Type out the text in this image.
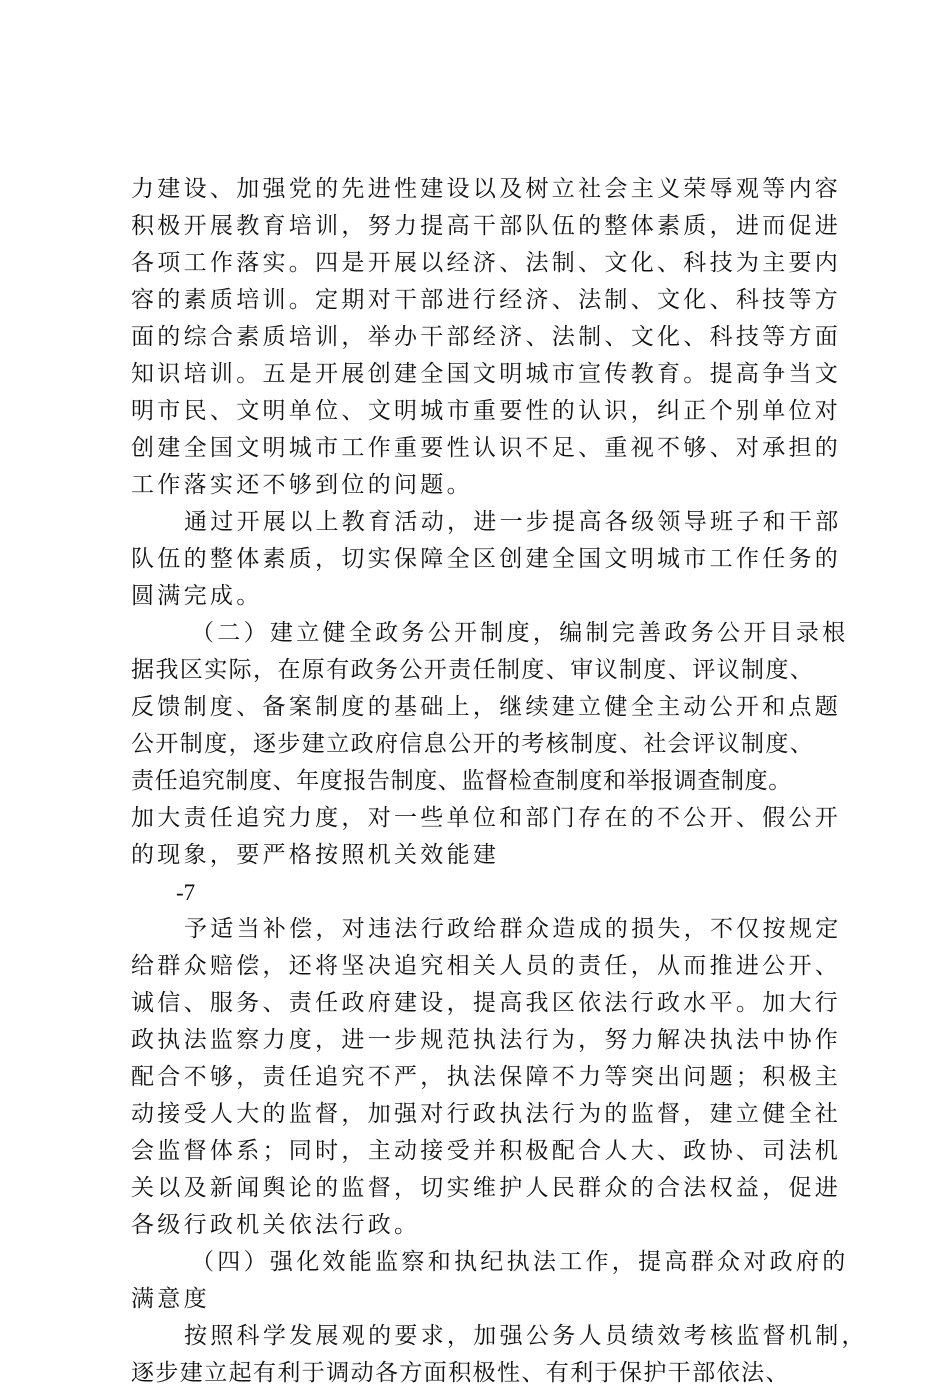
力建设、加强党的先进性建设以及树立社会主义荣辱观等内容
积极开展教育培训，努力提高干部队伍的整体素质，进而促进
各项工作落实。四是开展以经济、法制、文化、科技为主要内
容的素质培训。定期对干部进行经济、法制、文化、科技等方
面的综合素质培训，举办干部经济、法制、文化、科技等方面
知识培训。五是开展创建全国文明城市宣传教育。提高争当文
明市民、文明单位、文明城市重要性的认识，纠正个别单位对
创建全国文明城市工作重要性认识不足、重视不够、对承担的
工作落实还不够到位的问题。
通过开展以上教育活动，进一步提高各级领导班子和干部
队伍的整体素质，切实保障全区创建全国文明城市工作任务的
圆满完成。
（二）建立健全政务公开制度，编制完善政务公开目录根
据我区实际，在原有政务公开责任制度、审议制度、评议制度、
反馈制度、备案制度的基础上，继续建立健全主动公开和点题
公开制度，逐步建立政府信息公开的考核制度、社会评议制度、
责任追究制度、年度报告制度、监督检查制度和举报调查制度。
加大责任追究力度，对一些单位和部门存在的不公开、假公开
的现象，要严格按照机关效能建
-7
予适当补偿，对违法行政给群众造成的损失，不仅按规定
给群众赔偿，还将坚决追究相关人员的责任，从而推进公开、
诚信、服务、责任政府建设，提高我区依法行政水平。加大行
政执法监察力度，进一步规范执法行为，努力解决执法中协作
配合不够，责任追究不严，执法保障不力等突出问题；积极主
动接受人大的监督，加强对行政执法行为的监督，建立健全社
会监督体系；同时，主动接受并积极配合人大、政协、司法机
关以及新闻舆论的监督，切实维护人民群众的合法权益，促进
各级行政机关依法行政。
（四）强化效能监察和执纪执法工作，提高群众对政府的
满意度
按照科学发展观的要求，加强公务人员绩效考核监督机制，
逐步建立起有利于调动各方面积极性、有利于保护干部依法、
